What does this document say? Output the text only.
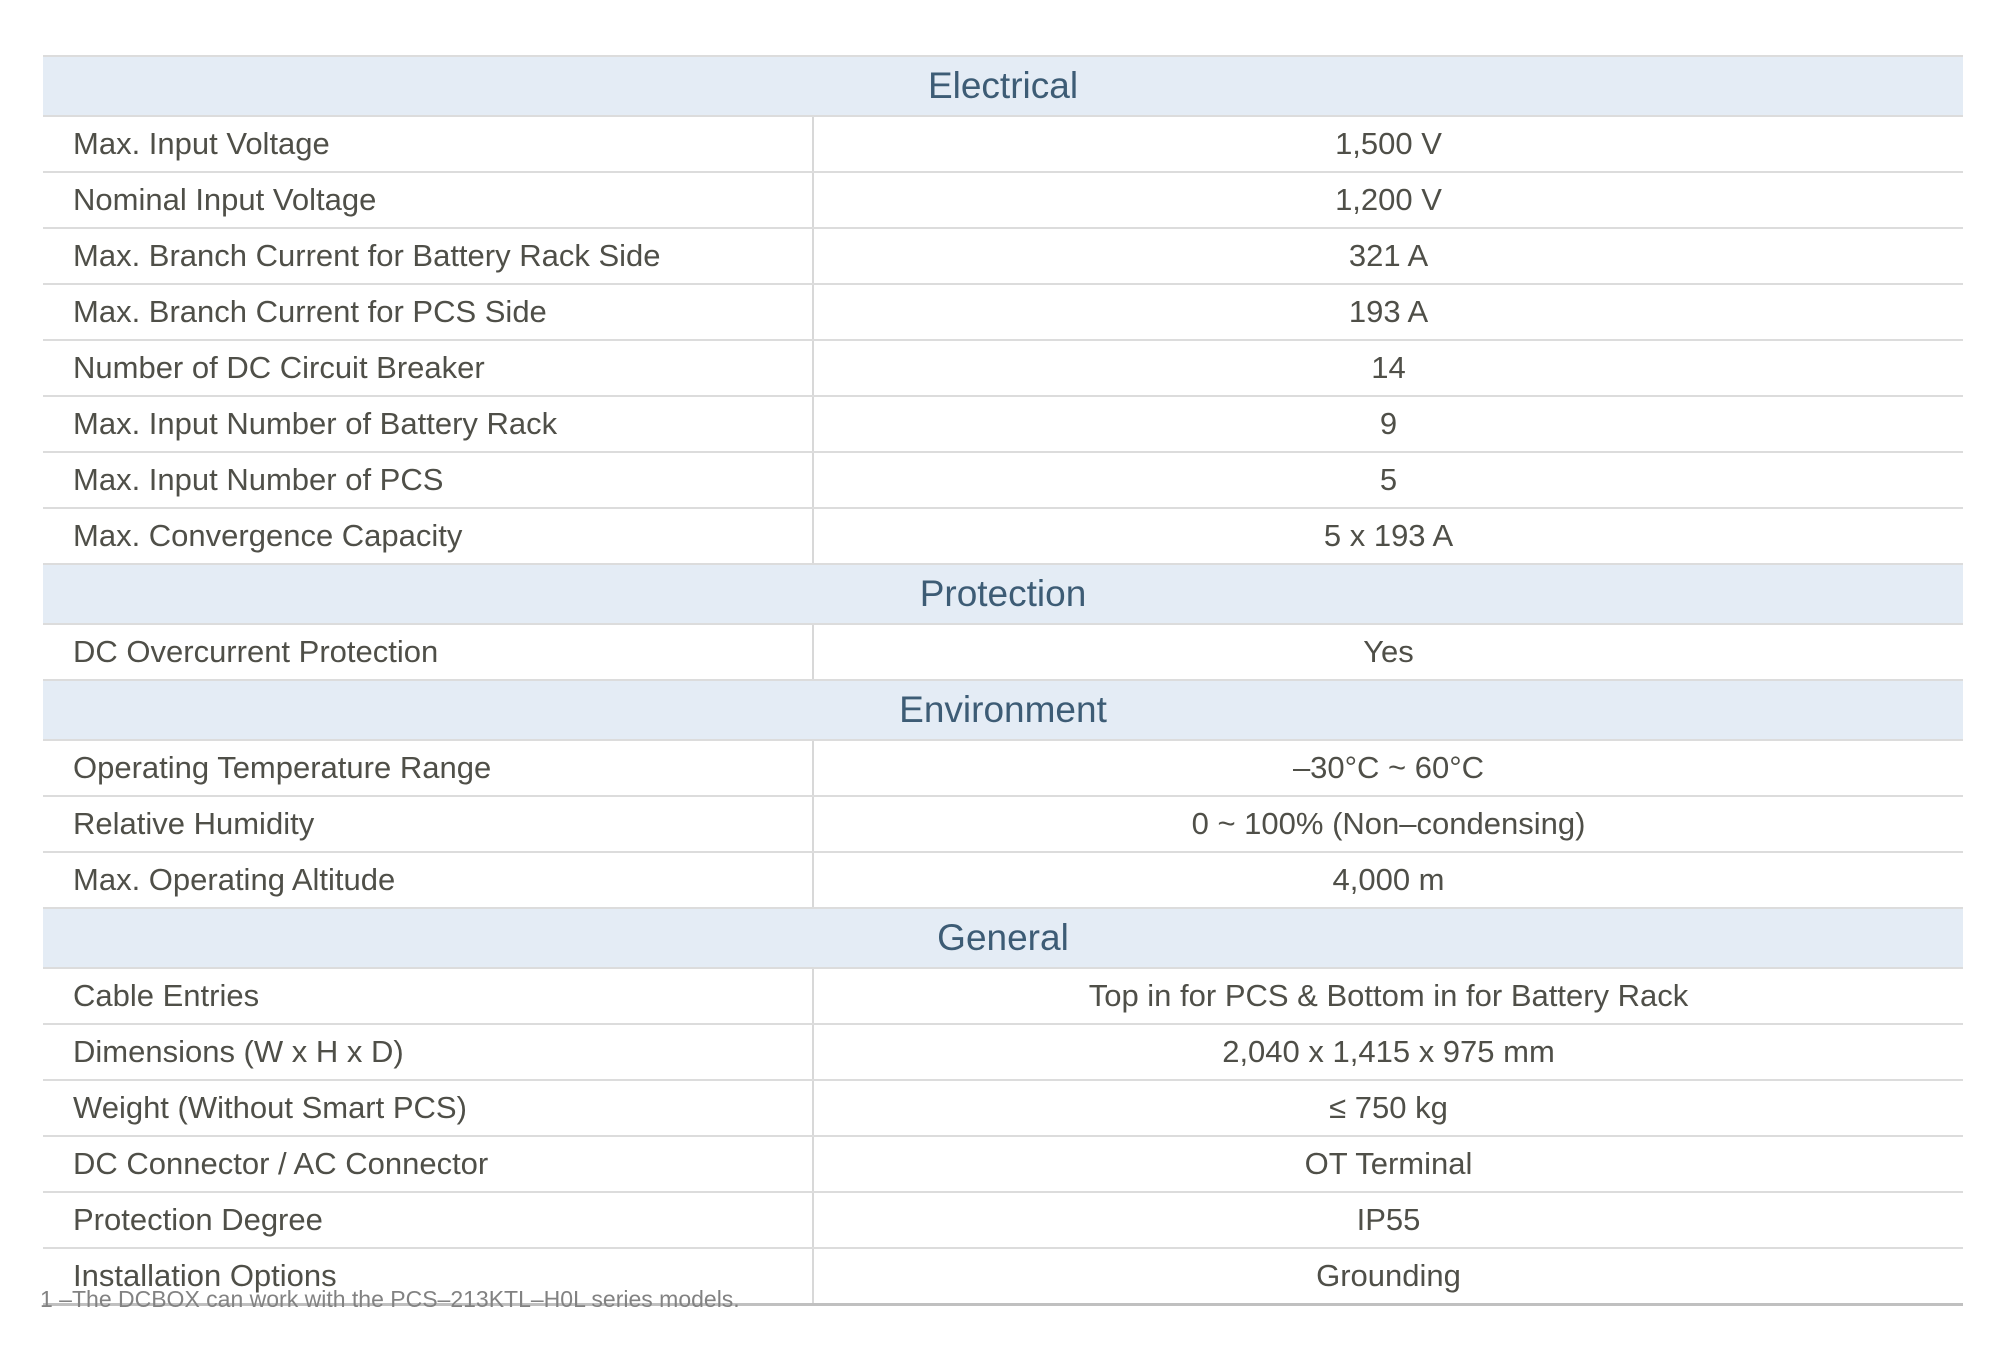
Electrical
Max. Input Voltage	1,500 V
Nominal Input Voltage	1,200 V
Max. Branch Current for Battery Rack Side	321 A
Max. Branch Current for PCS Side	193 A
Number of DC Circuit Breaker	14
Max. Input Number of Battery Rack	9
Max. Input Number of PCS	5
Max. Convergence Capacity	5 x 193 A
Protection
DC Overcurrent Protection	Yes
Environment
Operating Temperature Range	–30°C ~ 60°C
Relative Humidity	0 ~ 100% (Non–condensing)
Max. Operating Altitude	4,000 m
General
Cable Entries	Top in for PCS & Bottom in for Battery Rack
Dimensions (W x H x D)	2,040 x 1,415 x 975 mm
Weight (Without Smart PCS)	≤ 750 kg
DC Connector / AC Connector	OT Terminal
Protection Degree	IP55
Installation Options	Grounding
1 –The DCBOX can work with the PCS–213KTL–H0L series models.
